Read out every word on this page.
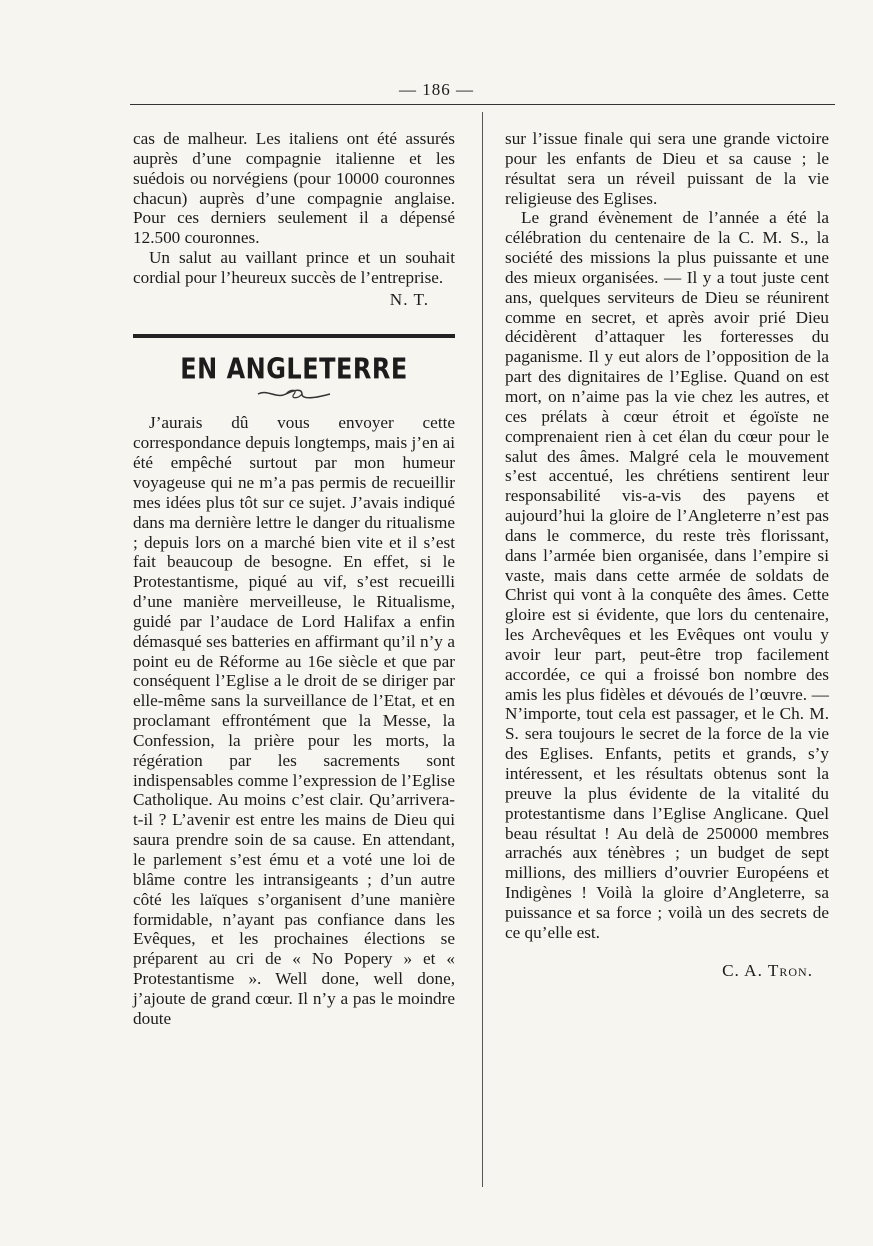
— 186 —

cas de malheur. Les italiens ont été assurés auprès d’une compagnie italienne et les suédois ou norvégiens (pour 10000 couronnes chacun) auprès d’une compagnie anglaise. Pour ces derniers seulement il a dépensé 12.500 couronnes.

Un salut au vaillant prince et un souhait cordial pour l’heureux succès de l’entreprise.

N. T.

EN ANGLETERRE

J’aurais dû vous envoyer cette correspondance depuis longtemps, mais j’en ai été empêché surtout par mon humeur voyageuse qui ne m’a pas permis de recueillir mes idées plus tôt sur ce sujet. J’avais indiqué dans ma dernière lettre le danger du ritualisme ; depuis lors on a marché bien vite et il s’est fait beaucoup de besogne. En effet, si le Protestantisme, piqué au vif, s’est recueilli d’une manière merveilleuse, le Ritualisme, guidé par l’audace de Lord Halifax a enfin démasqué ses batteries en affirmant qu’il n’y a point eu de Réforme au 16e siècle et que par conséquent l’Eglise a le droit de se diriger par elle-même sans la surveillance de l’Etat, et en proclamant effrontément que la Messe, la Confession, la prière pour les morts, la régération par les sacrements sont indispensables comme l’expression de l’Eglise Catholique. Au moins c’est clair. Qu’arrivera-t-il ? L’avenir est entre les mains de Dieu qui saura prendre soin de sa cause. En attendant, le parlement s’est ému et a voté une loi de blâme contre les intransigeants ; d’un autre côté les laïques s’organisent d’une manière formidable, n’ayant pas confiance dans les Evêques, et les prochaines élections se préparent au cri de « No Popery » et « Protestantisme ». Well done, well done, j’ajoute de grand cœur. Il n’y a pas le moindre doute

sur l’issue finale qui sera une grande victoire pour les enfants de Dieu et sa cause ; le résultat sera un réveil puissant de la vie religieuse des Eglises.

Le grand évènement de l’année a été la célébration du centenaire de la C. M. S., la société des missions la plus puissante et une des mieux organisées. — Il y a tout juste cent ans, quelques serviteurs de Dieu se réunirent comme en secret, et après avoir prié Dieu décidèrent d’attaquer les forteresses du paganisme. Il y eut alors de l’opposition de la part des dignitaires de l’Eglise. Quand on est mort, on n’aime pas la vie chez les autres, et ces prélats à cœur étroit et égoïste ne comprenaient rien à cet élan du cœur pour le salut des âmes. Malgré cela le mouvement s’est accentué, les chrétiens sentirent leur responsabilité vis-a-vis des payens et aujourd’hui la gloire de l’Angleterre n’est pas dans le commerce, du reste très florissant, dans l’armée bien organisée, dans l’empire si vaste, mais dans cette armée de soldats de Christ qui vont à la conquête des âmes. Cette gloire est si évidente, que lors du centenaire, les Archevêques et les Evêques ont voulu y avoir leur part, peut-être trop facilement accordée, ce qui a froissé bon nombre des amis les plus fidèles et dévoués de l’œuvre. — N’importe, tout cela est passager, et le Ch. M. S. sera toujours le secret de la force de la vie des Eglises. Enfants, petits et grands, s’y intéressent, et les résultats obtenus sont la preuve la plus évidente de la vitalité du protestantisme dans l’Eglise Anglicane. Quel beau résultat ! Au delà de 250000 membres arrachés aux ténèbres ; un budget de sept millions, des milliers d’ouvrier Européens et Indigènes ! Voilà la gloire d’Angleterre, sa puissance et sa force ; voilà un des secrets de ce qu’elle est.

C. A. Tron.
